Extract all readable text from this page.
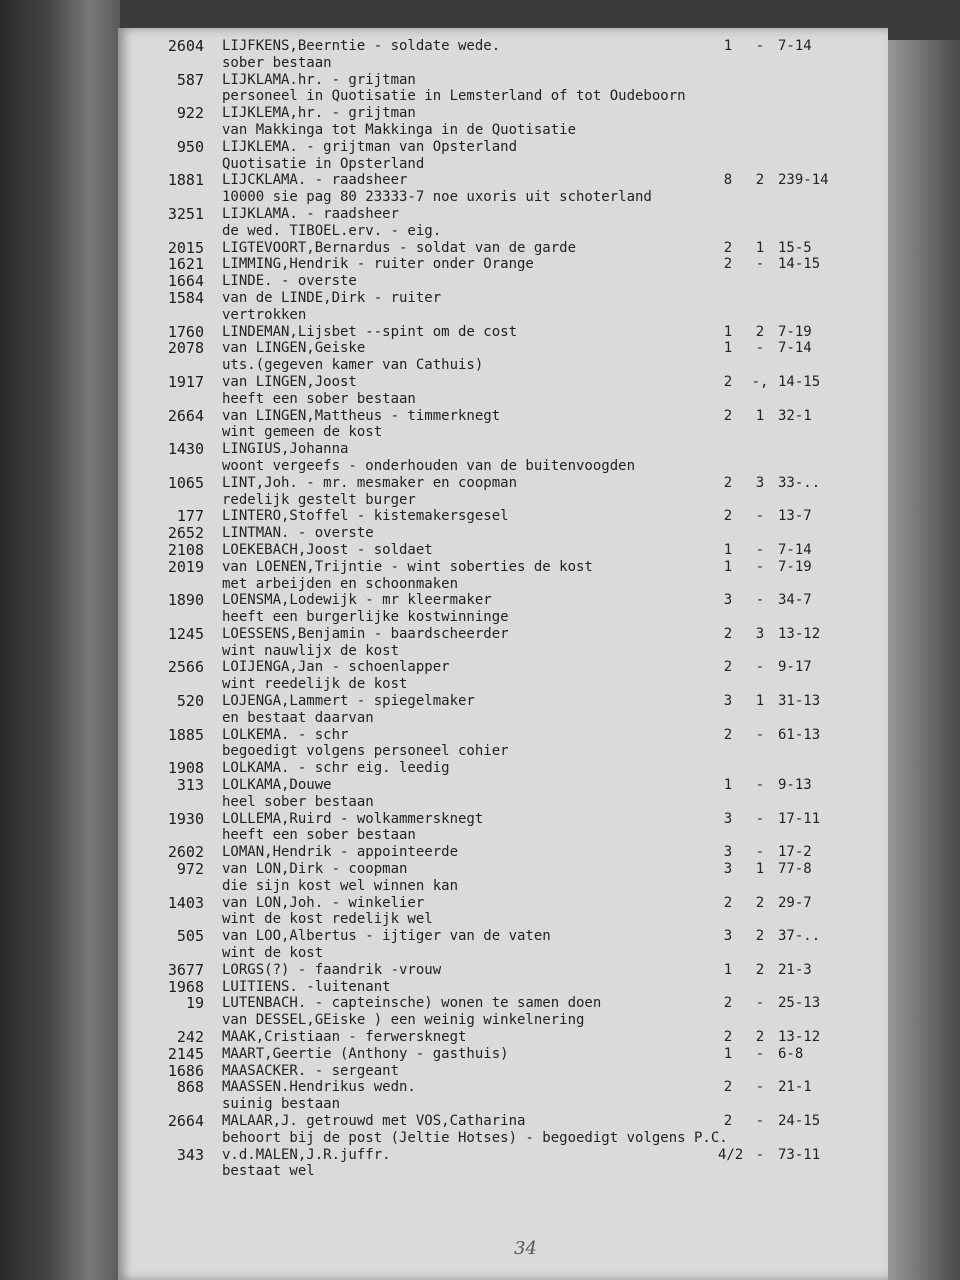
2604 LIJFKENS,Beerntie - soldate wede.
sober bestaan
1	- 7-14
587 LIJKLAMA.hr. - grijtman
personeel in Quotisatie in Lemsterland of tot Oudeboorn
922 LIJKLEMA,hr. - grijtman
van Makkinga tot Makkinga in de Quotisatie
950 LIJKLEMA. - grijtman van Opsterland
Quotisatie in Opsterland
1881 LIJCKLAMA. - raadsheer
10000 sie pag 80 23333-7 noe uxoris uit schoterland
8	2 239-14
3251 LIJKLAMA. - raadsheer
de wed. TIBOEL.erv. - eig.
2015 LIGTEVOORT,Bernardus - soldat van de garde	2	1 15-5
1621 LIMMING,Hendrik - ruiter onder Orange	2	- 14-15
1664 LINDE. - overste
1584 van de LINDE,Dirk - ruiter
vertrokken
1760 LINDEMAN,Lijsbet --spint om de cost	1	2 7-19
2078 van LINGEN,Geiske
uts.(gegeven kamer van Cathuis)
1	- 7-14
1917 van LINGEN,Joost
heeft een sober bestaan
2	-, 14-15
2664 van LINGEN,Mattheus - timmerknegt
wint gemeen de kost
2	1 32-1
1430 LINGIUS,Johanna
woont vergeefs - onderhouden van de buitenvoogden
1065 LINT,Joh. - mr. mesmaker en coopman
redelijk gestelt burger
2	3 33-..
177 LINTERO,Stoffel - kistemakersgesel	2	- 13-7
2652 LINTMAN. - overste
2108 LOEKEBACH,Joost - soldaet	1	- 7-14
2019 van LOENEN,Trijntie - wint soberties de kost
met arbeijden en schoonmaken
1	- 7-19
1890 LOENSMA,Lodewijk - mr kleermaker
heeft een burgerlijke kostwinninge
3	- 34-7
1245 LOESSENS,Benjamin - baardscheerder
wint nauwlijx de kost
2	3 13-12
2566 LOIJENGA,Jan - schoenlapper
wint reedelijk de kost
2	- 9-17
520 LOJENGA,Lammert - spiegelmaker
en bestaat daarvan
3	1 31-13
1885 LOLKEMA. - schr
begoedigt volgens personeel cohier
2	- 61-13
1908 LOLKAMA. - schr eig. leedig
313 LOLKAMA,Douwe
heel sober bestaan
1	- 9-13
1930 LOLLEMA,Ruird - wolkammersknegt
heeft een sober bestaan
3	- 17-11
2602 LOMAN,Hendrik - appointeerde	3	- 17-2
972 van LON,Dirk - coopman
die sijn kost wel winnen kan
3	1 77-8
1403 van LON,Joh. - winkelier
wint de kost redelijk wel
2	2 29-7
505 van LOO,Albertus - ijtiger van de vaten
wint de kost
3	2 37-..
3677 LORGS(?) - faandrik -vrouw	1	2 21-3
1968 LUITIENS. -luitenant
19 LUTENBACH. - capteinsche) wonen te samen doen
van DESSEL,GEiske ) een weinig winkelnering
2	- 25-13
242 MAAK,Cristiaan - ferwersknegt	2	2 13-12
2145 MAART,Geertie (Anthony - gasthuis)	1	- 6-8
1686 MAASACKER. - sergeant
868 MAASSEN.Hendrikus wedn.
suinig bestaan
2	- 21-1
2664 MALAAR,J. getrouwd met VOS,Catharina
behoort bij de post (Jeltie Hotses) - begoedigt volgens P.C.
2	- 24-15
343 v.d.MALEN,J.R.juffr.
bestaat wel
4/2 - 73-11
34
